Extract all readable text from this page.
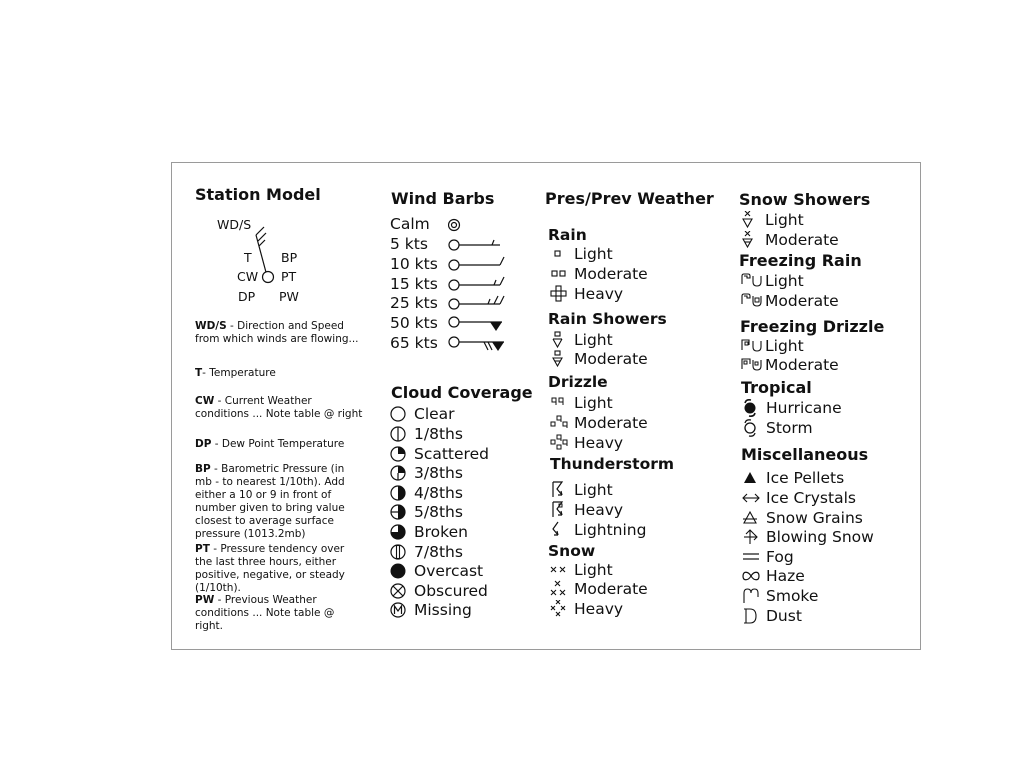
Station Model
WD/S
T BP
CW PT
DP PW
WD/S - Direction and Speed from which winds are flowing...
T- Temperature
CW - Current Weather conditions ... Note table @ right
DP - Dew Point Temperature
BP - Barometric Pressure (in mb - to nearest 1/10th). Add either a 10 or 9 in front of number given to bring value closest to average surface pressure (1013.2mb)
PT - Pressure tendency over the last three hours, either positive, negative, or steady (1/10th).
PW - Previous Weather conditions ... Note table @ right.
Wind Barbs
Calm
5 kts
10 kts
15 kts
25 kts
50 kts
65 kts
Cloud Coverage
Clear
1/8ths
Scattered
3/8ths
4/8ths
5/8ths
Broken
7/8ths
Overcast
Obscured
Missing
Pres/Prev Weather
Rain
Light
Moderate
Heavy
Rain Showers
Light
Moderate
Drizzle
Light
Moderate
Heavy
Thunderstorm
Light
Heavy
Lightning
Snow
Light
Moderate
Heavy
Snow Showers
Light
Moderate
Freezing Rain
Light
Moderate
Freezing Drizzle
Light
Moderate
Tropical
Hurricane
Storm
Miscellaneous
Ice Pellets
Ice Crystals
Snow Grains
Blowing Snow
Fog
Haze
Smoke
Dust
